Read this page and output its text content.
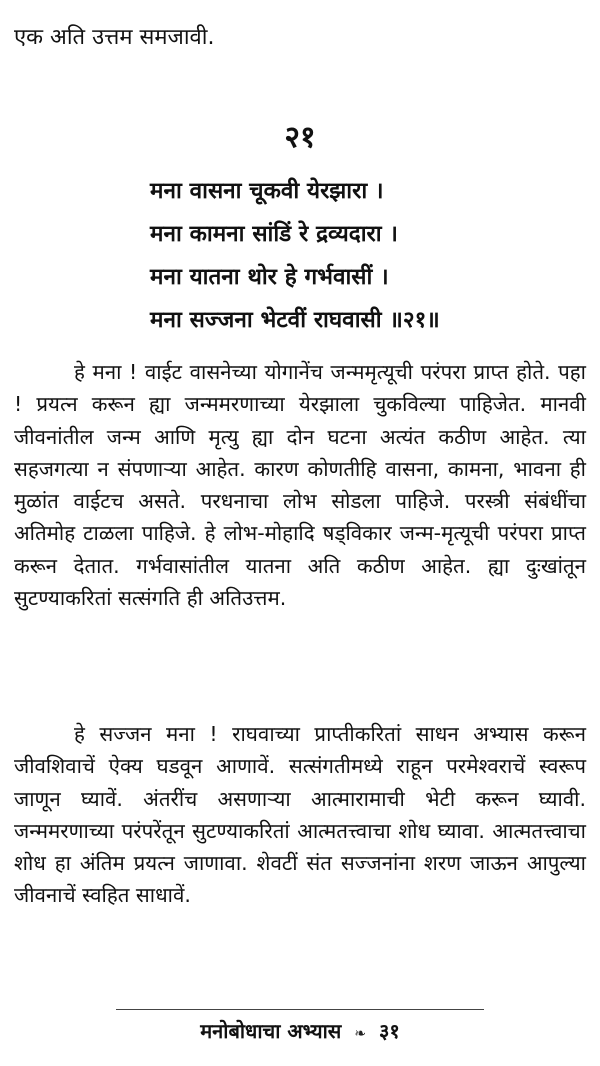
एक अति उत्तम समजावी.
२१
मना वासना चूकवी येरझारा ।
मना कामना सांडिं रे द्रव्यदारा ।
मना यातना थोर हे गर्भवासीं ।
मना सज्जना भेटवीं राघवासी ॥२१॥

हे मना ! वाईट वासनेच्या योगानेंच जन्ममृत्यूची परंपरा प्राप्त होते. पहा ! प्रयत्न करून ह्या जन्ममरणाच्या येरझाला चुकविल्या पाहिजेत. मानवी जीवनांतील जन्म आणि मृत्यु ह्या दोन घटना अत्यंत कठीण आहेत. त्या सहजगत्या न संपणाऱ्या आहेत. कारण कोणतीहि वासना, कामना, भावना ही मुळांत वाईटच असते. परधनाचा लोभ सोडला पाहिजे. परस्त्री संबंधींचा अतिमोह टाळला पाहिजे. हे लोभ-मोहादि षड्विकार जन्म-मृत्यूची परंपरा प्राप्त करून देतात. गर्भवासांतील यातना अति कठीण आहेत. ह्या दुःखांतून सुटण्याकरितां सत्संगति ही अतिउत्तम.

हे सज्जन मना ! राघवाच्या प्राप्तीकरितां साधन अभ्यास करून जीवशिवाचें ऐक्य घडवून आणावें. सत्संगतीमध्ये राहून परमेश्वराचें स्वरूप जाणून घ्यावें. अंतरींच असणाऱ्या आत्मारामाची भेटी करून घ्यावी. जन्ममरणाच्या परंपरेंतून सुटण्याकरितां आत्मतत्त्वाचा शोध घ्यावा. आत्मतत्त्वाचा शोध हा अंतिम प्रयत्न जाणावा. शेवटीं संत सज्जनांना शरण जाऊन आपुल्या जीवनाचें स्वहित साधावें.

मनोबोधाचा अभ्यास ❧ ३१
